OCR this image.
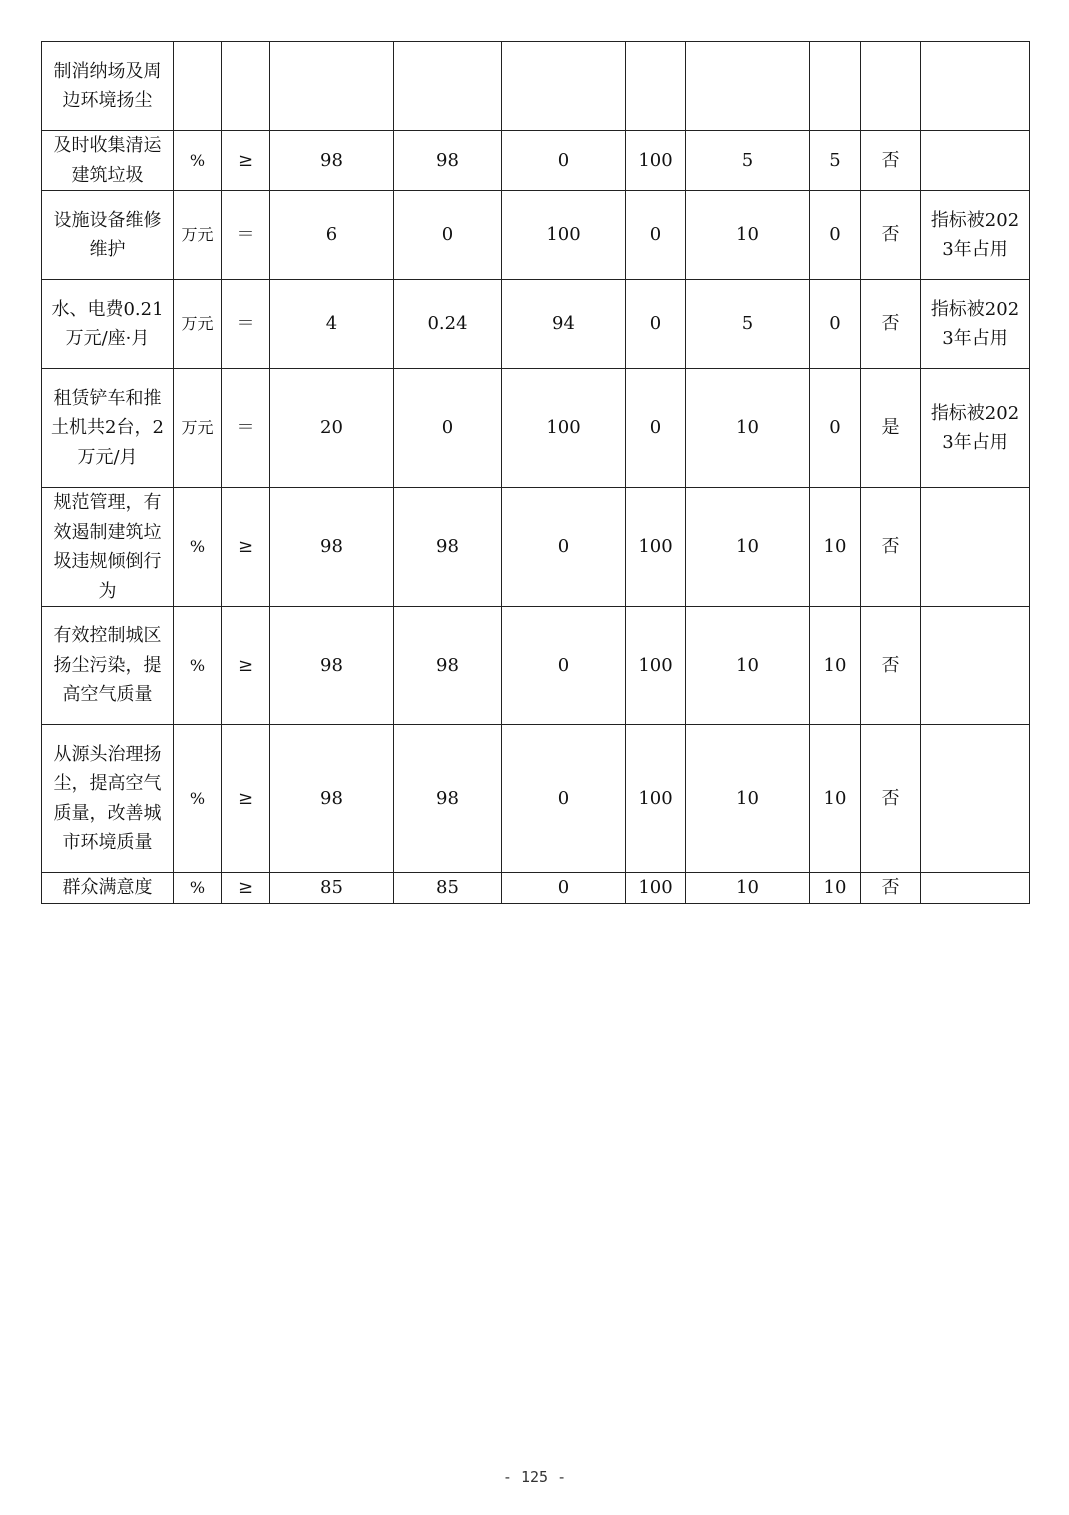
制消纳场及周边环境扬尘										
及时收集清运建筑垃圾	%	≥	98	98	0	100	5	5	否	
设施设备维修维护	万元	＝	6	0	100	0	10	0	否	指标被2023年占用
水、电费0.21万元/座·月	万元	＝	4	0.24	94	0	5	0	否	指标被2023年占用
租赁铲车和推土机共2台，2万元/月	万元	＝	20	0	100	0	10	0	是	指标被2023年占用
规范管理，有效遏制建筑垃圾违规倾倒行为	%	≥	98	98	0	100	10	10	否	
有效控制城区扬尘污染，提高空气质量	%	≥	98	98	0	100	10	10	否	
从源头治理扬尘，提高空气质量，改善城市环境质量	%	≥	98	98	0	100	10	10	否	
群众满意度	%	≥	85	85	0	100	10	10	否	
- 125 -
